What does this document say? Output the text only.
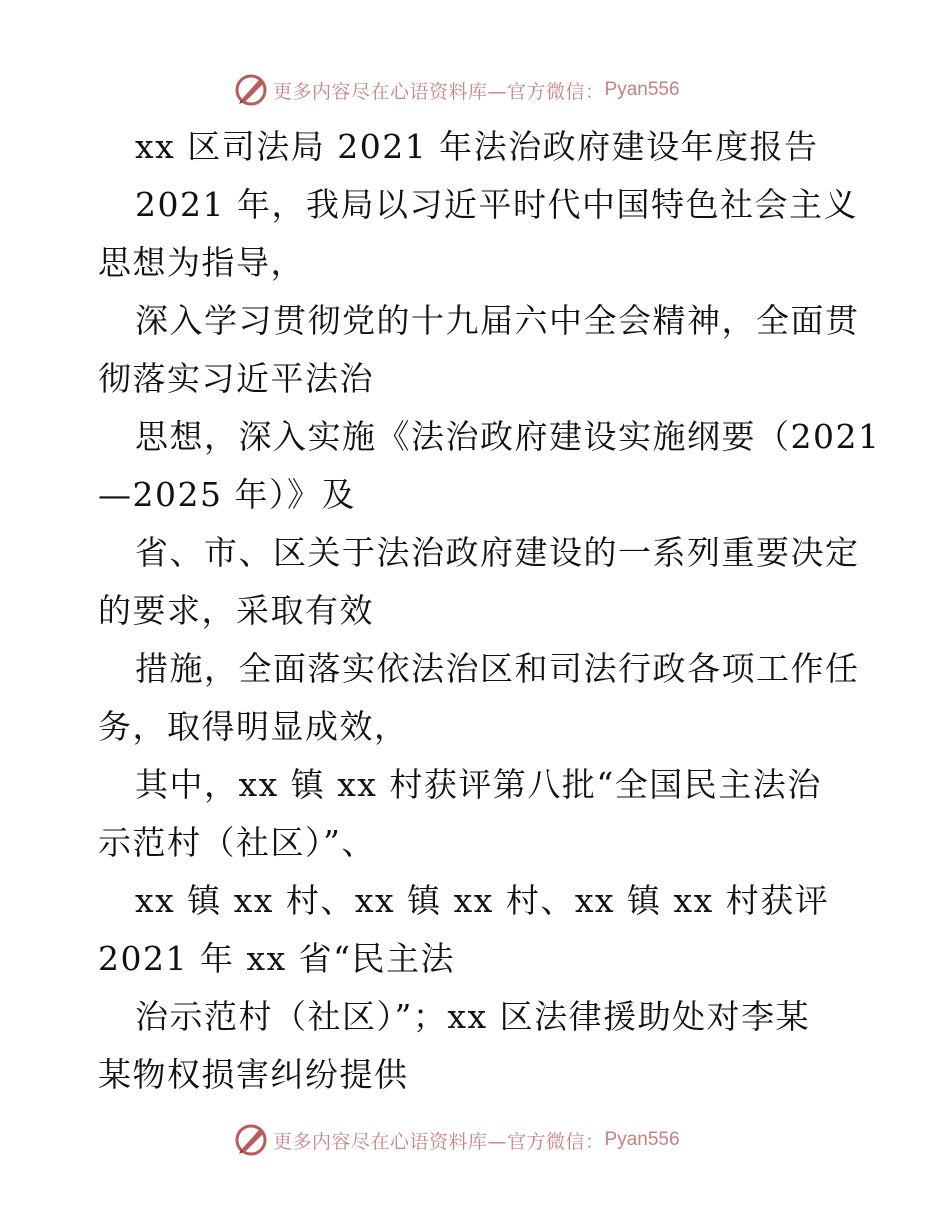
更多内容尽在心语资料库—官方微信： Pyan556
xx 区司法局 2021 年法治政府建设年度报告
2021 年，我局以习近平时代中国特色社会主义
思想为指导，
深入学习贯彻党的十九届六中全会精神，全面贯
彻落实习近平法治
思想，深入实施《法治政府建设实施纲要（2021
—2025 年）》及
省、市、区关于法治政府建设的一系列重要决定
的要求，采取有效
措施，全面落实依法治区和司法行政各项工作任
务，取得明显成效，
其中，xx 镇 xx 村获评第八批“全国民主法治
示范村（社区）”、
xx 镇 xx 村、xx 镇 xx 村、xx 镇 xx 村获评
2021 年 xx 省“民主法
治示范村（社区）”；xx 区法律援助处对李某
某物权损害纠纷提供
更多内容尽在心语资料库—官方微信： Pyan556
